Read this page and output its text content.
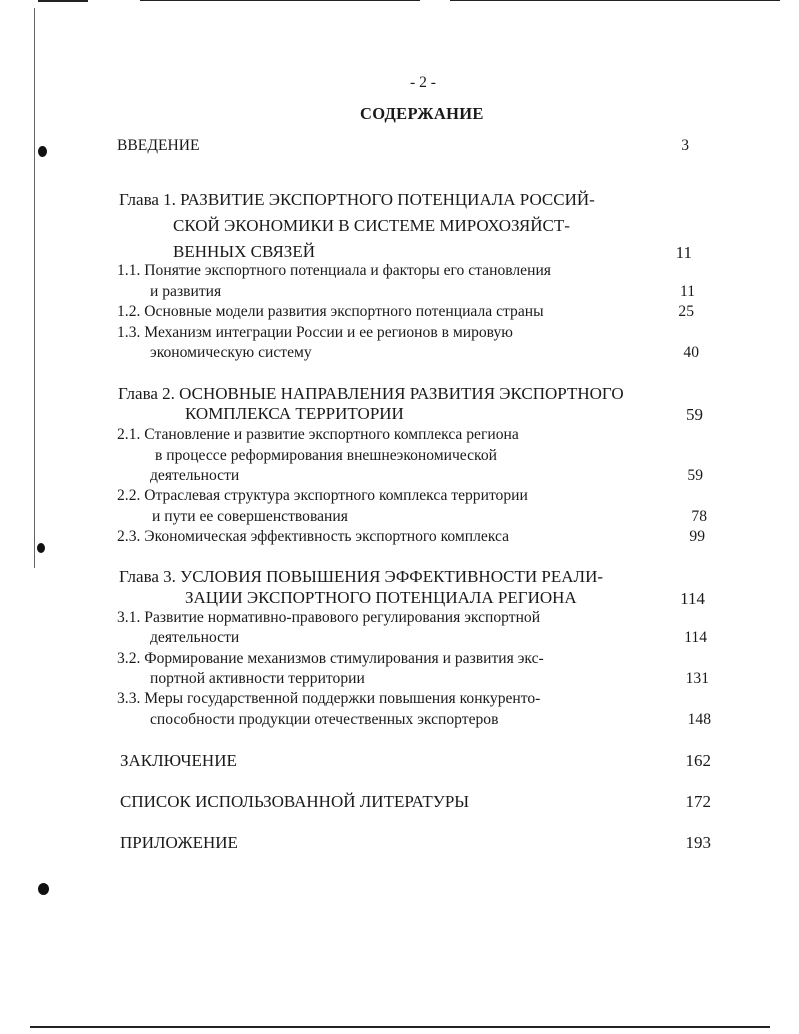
- 2 -
СОДЕРЖАНИЕ
ВВЕДЕНИЕ	3
Глава 1. РАЗВИТИЕ ЭКСПОРТНОГО ПОТЕНЦИАЛА РОССИЙ-
СКОЙ ЭКОНОМИКИ В СИСТЕМЕ МИРОХОЗЯЙСТ-
ВЕННЫХ СВЯЗЕЙ	11
1.1. Понятие экспортного потенциала и факторы его становления
и развития	11
1.2. Основные модели развития экспортного потенциала страны	25
1.3. Механизм интеграции России и ее регионов в мировую
экономическую систему	40
Глава 2. ОСНОВНЫЕ НАПРАВЛЕНИЯ РАЗВИТИЯ ЭКСПОРТНОГО
КОМПЛЕКСА ТЕРРИТОРИИ	59
2.1. Становление и развитие экспортного комплекса региона
в процессе реформирования внешнеэкономической
деятельности	59
2.2. Отраслевая структура экспортного комплекса территории
и пути ее совершенствования	78
2.3. Экономическая эффективность экспортного комплекса	99
Глава 3. УСЛОВИЯ ПОВЫШЕНИЯ ЭФФЕКТИВНОСТИ РЕАЛИ-
ЗАЦИИ ЭКСПОРТНОГО ПОТЕНЦИАЛА РЕГИОНА	114
3.1. Развитие нормативно-правового регулирования экспортной
деятельности	114
3.2. Формирование механизмов стимулирования и развития экс-
портной активности территории	131
3.3. Меры государственной поддержки повышения конкуренто-
способности продукции отечественных экспортеров	148
ЗАКЛЮЧЕНИЕ	162
СПИСОК ИСПОЛЬЗОВАННОЙ ЛИТЕРАТУРЫ	172
ПРИЛОЖЕНИЕ	193
